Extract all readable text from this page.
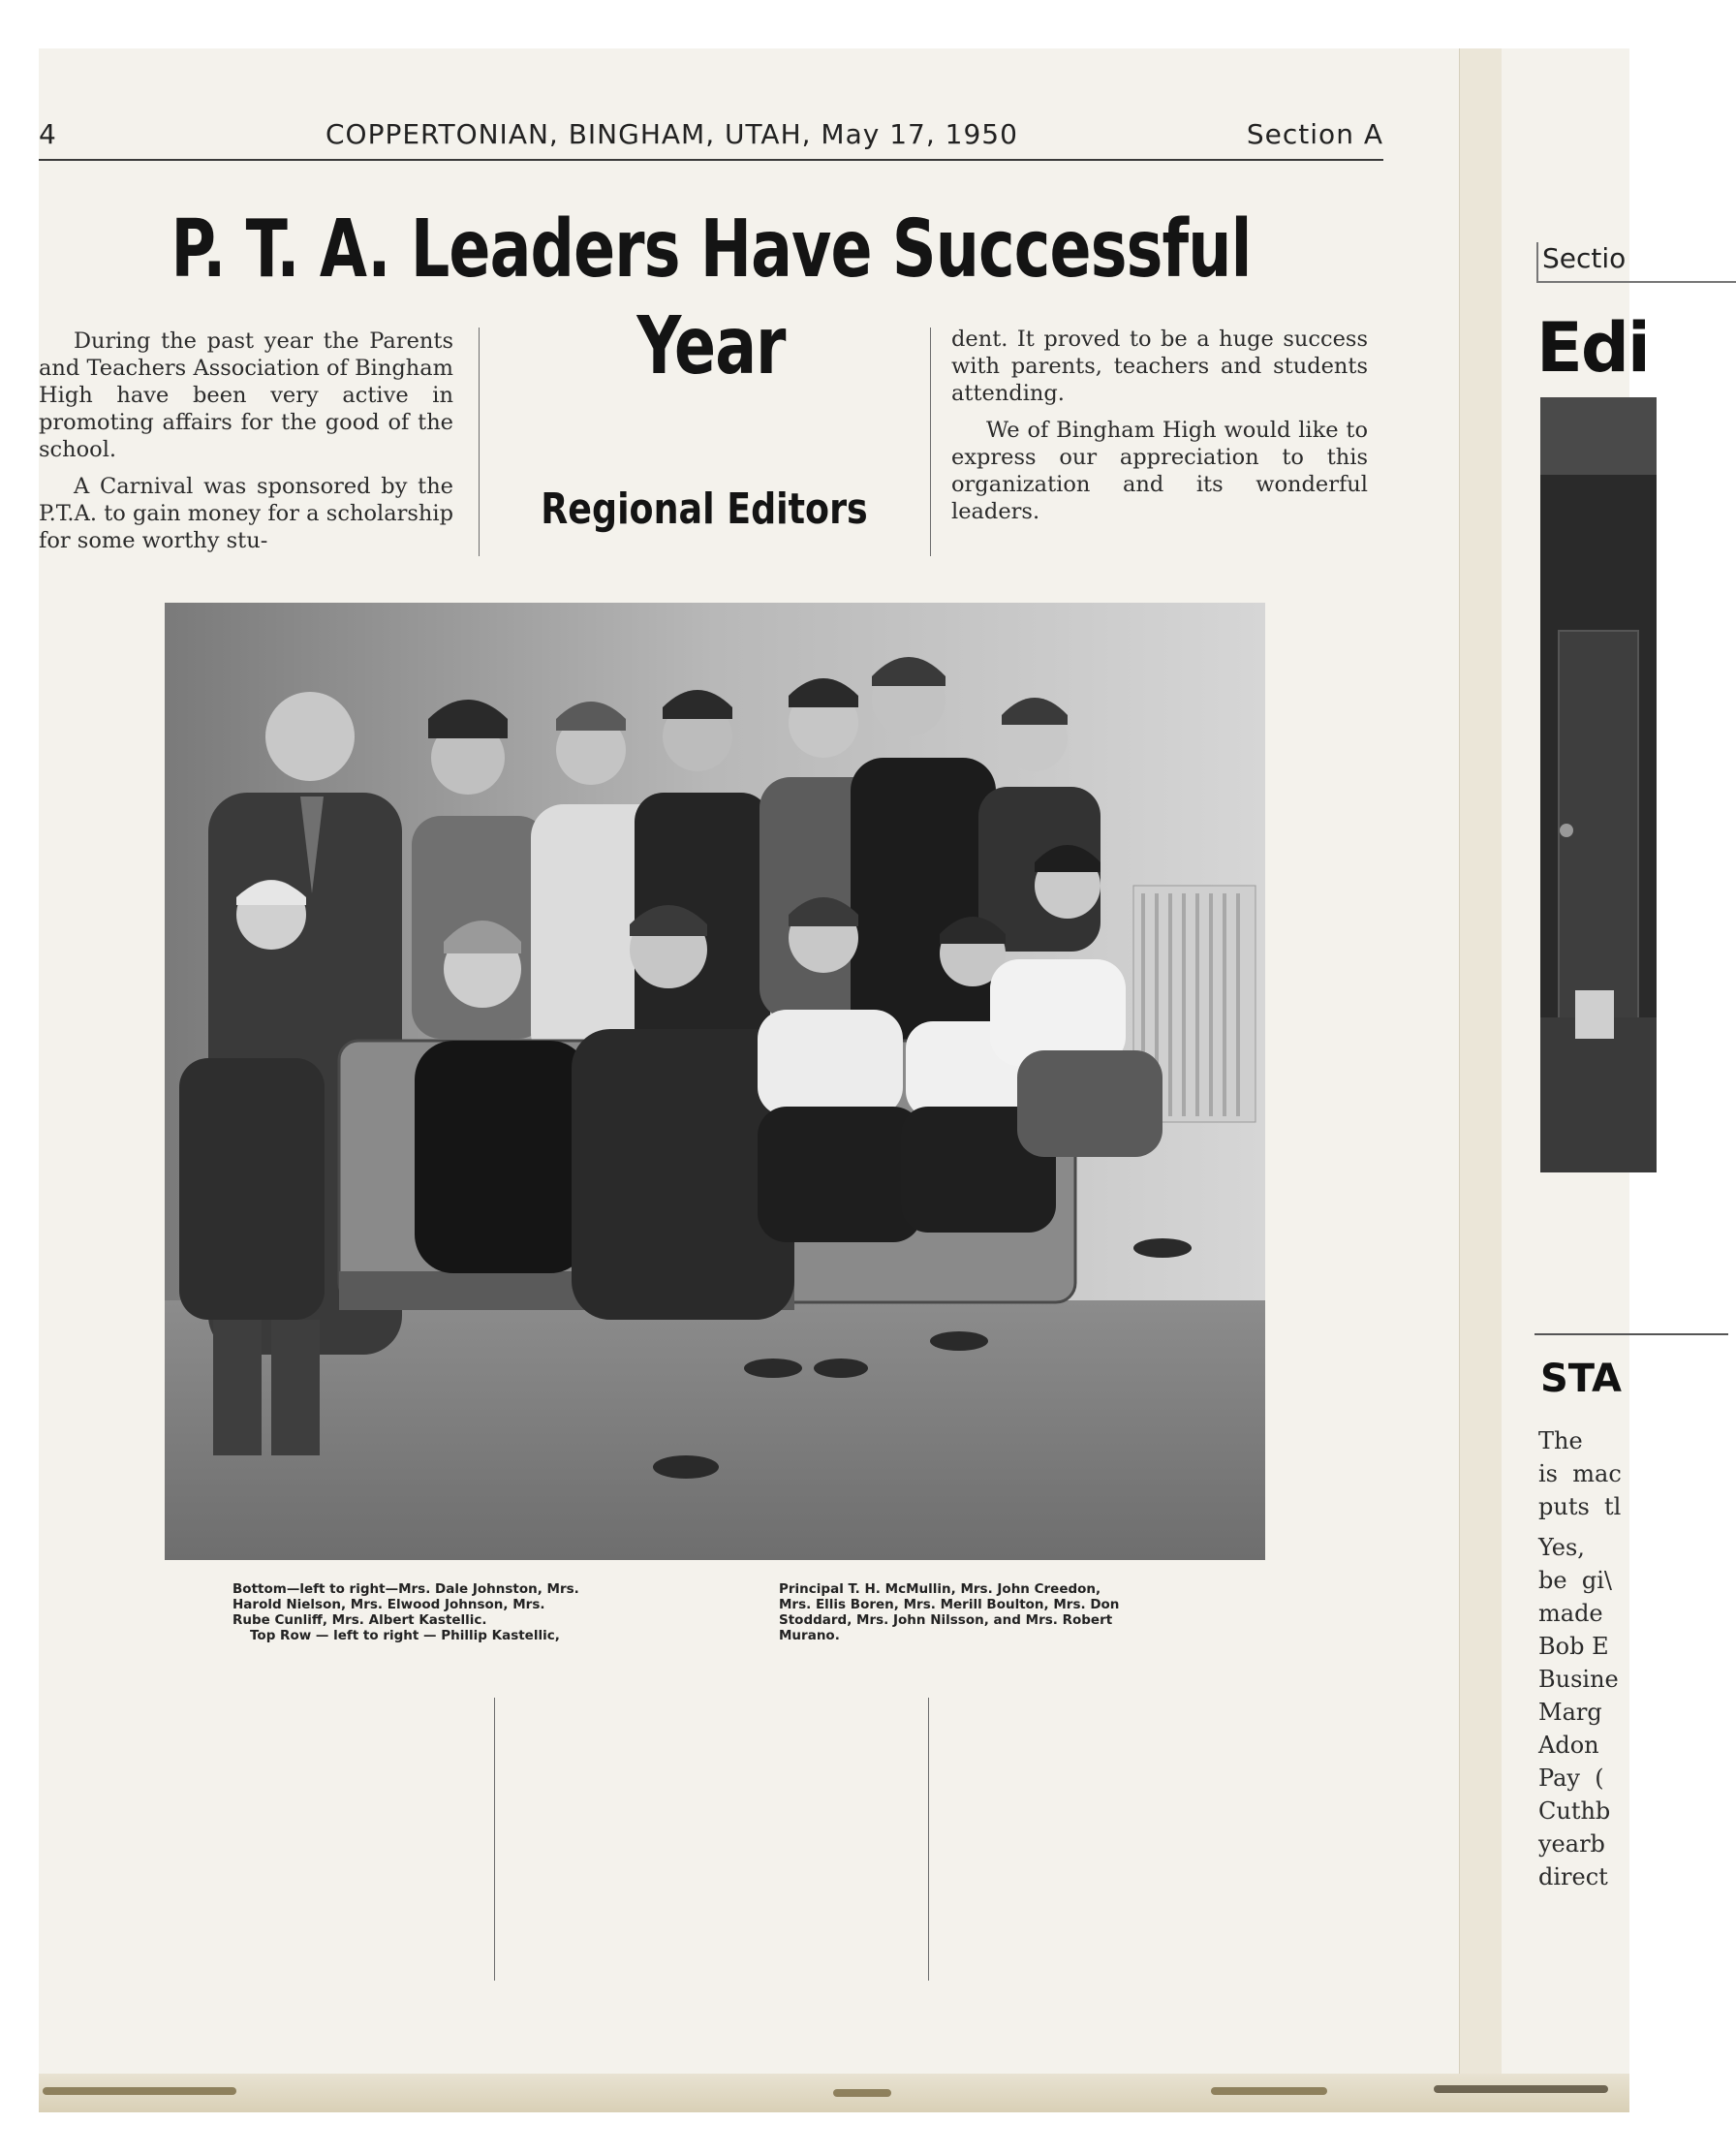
4	COPPERTONIAN, BINGHAM, UTAH, May 17, 1950	Section A
P. T. A. Leaders Have Successful Year

During the past year the Parents and Teachers Association of Bingham High have been very active in promoting affairs for the good of the school.

A Carnival was sponsored by the P.T.A. to gain money for a scholarship for some worthy stu-

Regional Editors

dent. It proved to be a huge success with parents, teachers and students attending.

We of Bingham High would like to express our appreciation to this organization and its wonderful leaders.

Bottom—left to right—Mrs. Dale Johnston, Mrs.
Harold Nielson, Mrs. Elwood Johnson, Mrs.
Rube Cunliff, Mrs. Albert Kastellic.
Top Row — left to right — Phillip Kastellic,
Principal T. H. McMullin, Mrs. John Creedon,
Mrs. Ellis Boren, Mrs. Merill Boulton, Mrs. Don
Stoddard, Mrs. John Nilsson, and Mrs. Robert
Murano.
Sectio
Edi
STA
The
is  mac
puts  tl
Yes,
be  gi\
made
Bob E
Busine
Marg
Adon
Pay  (
Cuthb
yearb
direct
